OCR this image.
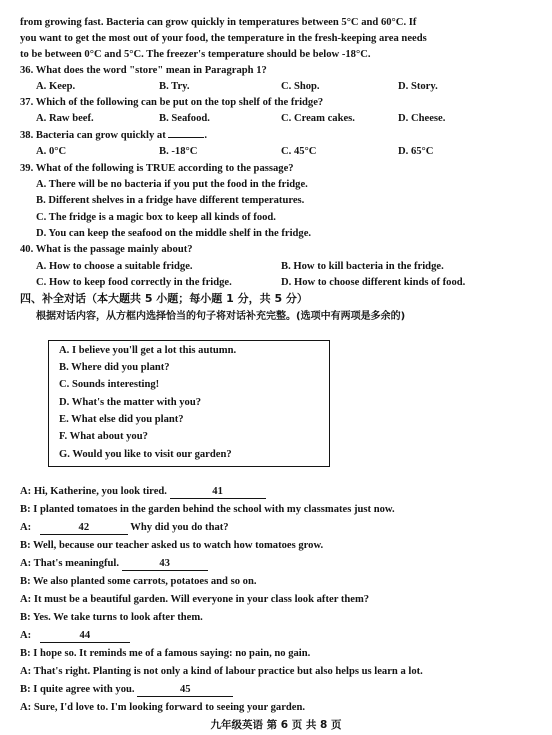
from growing fast. Bacteria can grow quickly in temperatures between 5°C and 60°C. If
you want to get the most out of your food, the temperature in the fresh-keeping area needs
to be between 0°C and 5°C. The freezer's temperature should be below -18°C.
36. What does the word "store" mean in Paragraph 1?
A. Keep.	B. Try.	C. Shop.	D. Story.
37. Which of the following can be put on the top shelf of the fridge?
A. Raw beef.	B. Seafood.	C. Cream cakes.	D. Cheese.
38. Bacteria can grow quickly at	.
A. 0°C	B. -18°C	C. 45°C	D. 65°C
39. What of the following is TRUE according to the passage?
A. There will be no bacteria if you put the food in the fridge.
B. Different shelves in a fridge have different temperatures.
C. The fridge is a magic box to keep all kinds of food.
D. You can keep the seafood on the middle shelf in the fridge.
40. What is the passage mainly about?
A. How to choose a suitable fridge.	B. How to kill bacteria in the fridge.
C. How to keep food correctly in the fridge.	D. How to choose different kinds of food.
四、补全对话（本大题共 5 小题；每小题 1 分，共 5 分）
根据对话内容，从方框内选择恰当的句子将对话补充完整。(选项中有两项是多余的)
A. I believe you'll get a lot this autumn.
B. Where did you plant?
C. Sounds interesting!
D. What's the matter with you?
E. What else did you plant?
F. What about you?
G. Would you like to visit our garden?
A: Hi, Katherine, you look tired.	41
B: I planted tomatoes in the garden behind the school with my classmates just now.
A:	42	Why did you do that?
B: Well, because our teacher asked us to watch how tomatoes grow.
A: That's meaningful.	43
B: We also planted some carrots, potatoes and so on.
A: It must be a beautiful garden. Will everyone in your class look after them?
B: Yes. We take turns to look after them.
A:	44
B: I hope so. It reminds me of a famous saying: no pain, no gain.
A: That's right. Planting is not only a kind of labour practice but also helps us learn a lot.
B: I quite agree with you.	45
A: Sure, I'd love to. I'm looking forward to seeing your garden.
九年级英语 第 6 页 共 8 页
